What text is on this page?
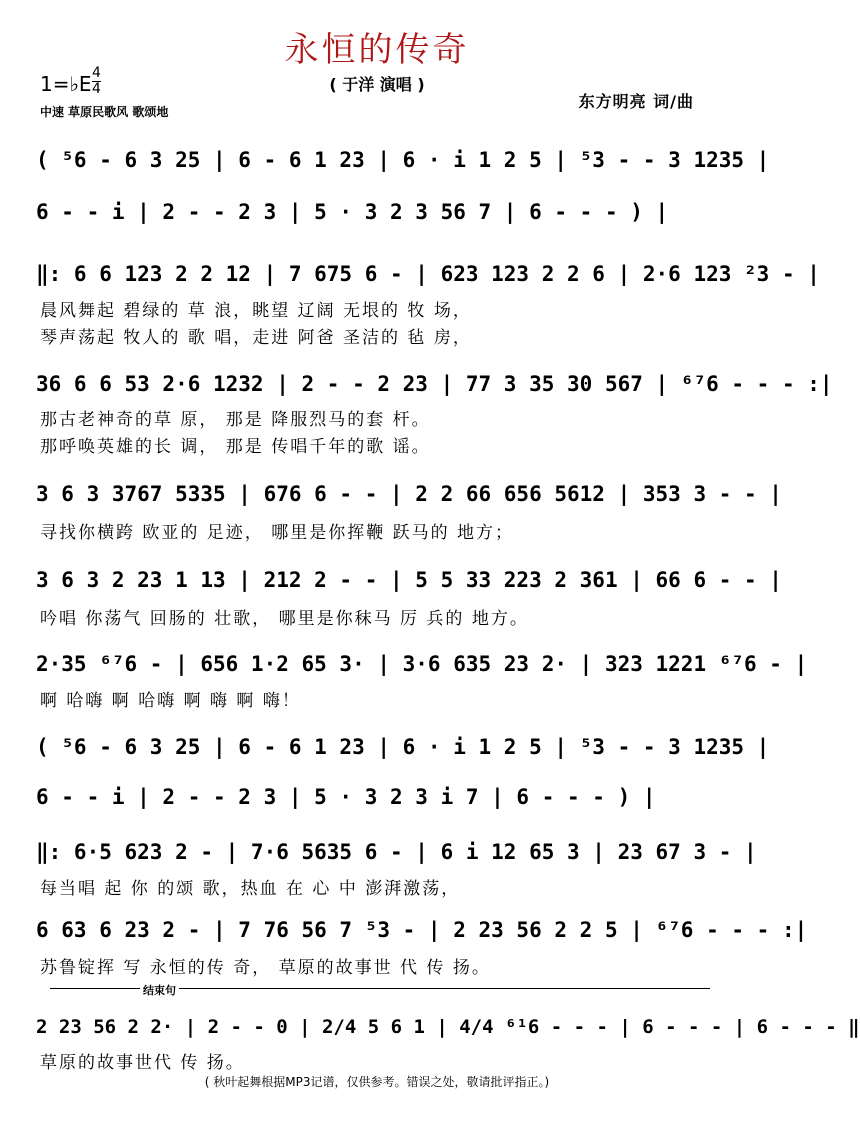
永恒的传奇
( 于洋 演唱 )
1=♭E 4
4
中速 草原民歌风 歌颂地
东方明亮 词/曲
( ⁵6 - 6 3 25 | 6 - 6 1 23 | 6 · i 1 2 5 | ⁵3 - - 3 1235 |
6 - - i | 2 - - 2 3 | 5 · 3 2 3 56 7 | 6 - - - ) |
‖: 6 6 123 2 2 12 | 7 675 6 - | 623 123 2 2 6 | 2·6 123 ²3 - |
晨风舞起 碧绿的 草 浪，眺望 辽阔 无垠的 牧 场，
琴声荡起 牧人的 歌 唱，走进 阿爸 圣洁的 毡 房，
36 6 6 53 2·6 1232 | 2 - - 2 23 | 77 3 35 30 567 | ⁶⁷6 - - - :|
那古老神奇的草 原， 那是 降服烈马的套 杆。
那呼唤英雄的长 调， 那是 传唱千年的歌 谣。
3 6 3 3767 5335 | 676 6 - - | 2 2 66 656 5612 | 353 3 - - |
寻找你横跨 欧亚的 足迹， 哪里是你挥鞭 跃马的 地方；
3 6 3 2 23 1 13 | 212 2 - - | 5 5 33 223 2 361 | 66 6 - - |
吟唱 你荡气 回肠的 壮歌， 哪里是你秣马 厉 兵的 地方。
2·35 ⁶⁷6 - | 656 1·2 65 3· | 3·6 635 23 2· | 323 1221 ⁶⁷6 - |
啊 哈嗨 啊 哈嗨 啊 嗨 啊 嗨！
( ⁵6 - 6 3 25 | 6 - 6 1 23 | 6 · i 1 2 5 | ⁵3 - - 3 1235 |
6 - - i | 2 - - 2 3 | 5 · 3 2 3 i 7 | 6 - - - ) |
‖: 6·5 623 2 - | 7·6 5635 6 - | 6 i 12 65 3 | 23 67 3 - |
每当唱 起 你 的颂 歌，热血 在 心 中 澎湃激荡，
6 63 6 23 2 - | 7 76 56 7 ⁵3 - | 2 23 56 2 2 5 | ⁶⁷6 - - - :|
苏鲁锭挥 写 永恒的传 奇， 草原的故事世 代 传 扬。
结束句
2 23 56 2 2· | 2 - - 0 | 2/4 5 6 1 | 4/4 ⁶¹6 - - - | 6 - - - | 6 - - - ‖
草原的故事世代 传 扬。
( 秋叶起舞根据MP3记谱，仅供参考。错误之处，敬请批评指正。)
